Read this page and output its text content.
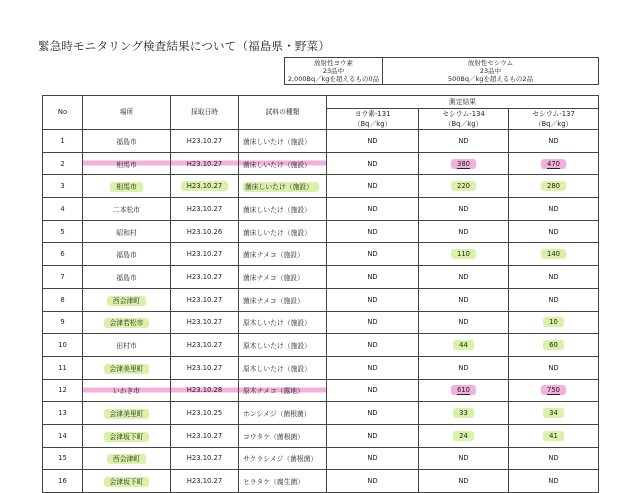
緊急時モニタリング検査結果について（福島県・野菜）
放射性ヨウ素
23品中
2,000Bq／kgを超えるもの0品

放射性セシウム
23品中
500Bq／kgを超えるもの2品
No	場所	採取日時	試料の種類	測定結果		
				ヨウ素-131	セシウム-134	セシウム-137
				（Bq／kg）	（Bq／kg）	（Bq／kg）
1	福島市	H23.10.27	菌床しいたけ（施設）	ND	ND	ND
2	相馬市	H23.10.27	菌床しいたけ（施設）	ND	380	470
3	相馬市	H23.10.27	菌床しいたけ（施設）	ND	220	280
4	二本松市	H23.10.27	菌床しいたけ（施設）	ND	ND	ND
5	昭和村	H23.10.26	菌床しいたけ（施設）	ND	ND	ND
6	福島市	H23.10.27	菌床ナメコ（施設）	ND	110	140
7	福島市	H23.10.27	菌床ナメコ（施設）	ND	ND	ND
8	西会津町	H23.10.27	菌床ナメコ（施設）	ND	ND	ND
9	会津若松市	H23.10.27	原木しいたけ（施設）	ND	ND	10
10	田村市	H23.10.27	原木しいたけ（施設）	ND	44	60
11	会津美里町	H23.10.27	原木しいたけ（施設）	ND	ND	ND
12	いわき市	H23.10.28	原木ナメコ（露地）	ND	610	750
13	会津美里町	H23.10.25	ホンシメジ（菌根菌）	ND	33	34
14	会津坂下町	H23.10.27	コウタケ（菌根菌）	ND	24	41
15	西会津町	H23.10.27	サクラシメジ（菌根菌）	ND	ND	ND
16	会津坂下町	H23.10.27	ヒラタケ（腐生菌）	ND	ND	ND
